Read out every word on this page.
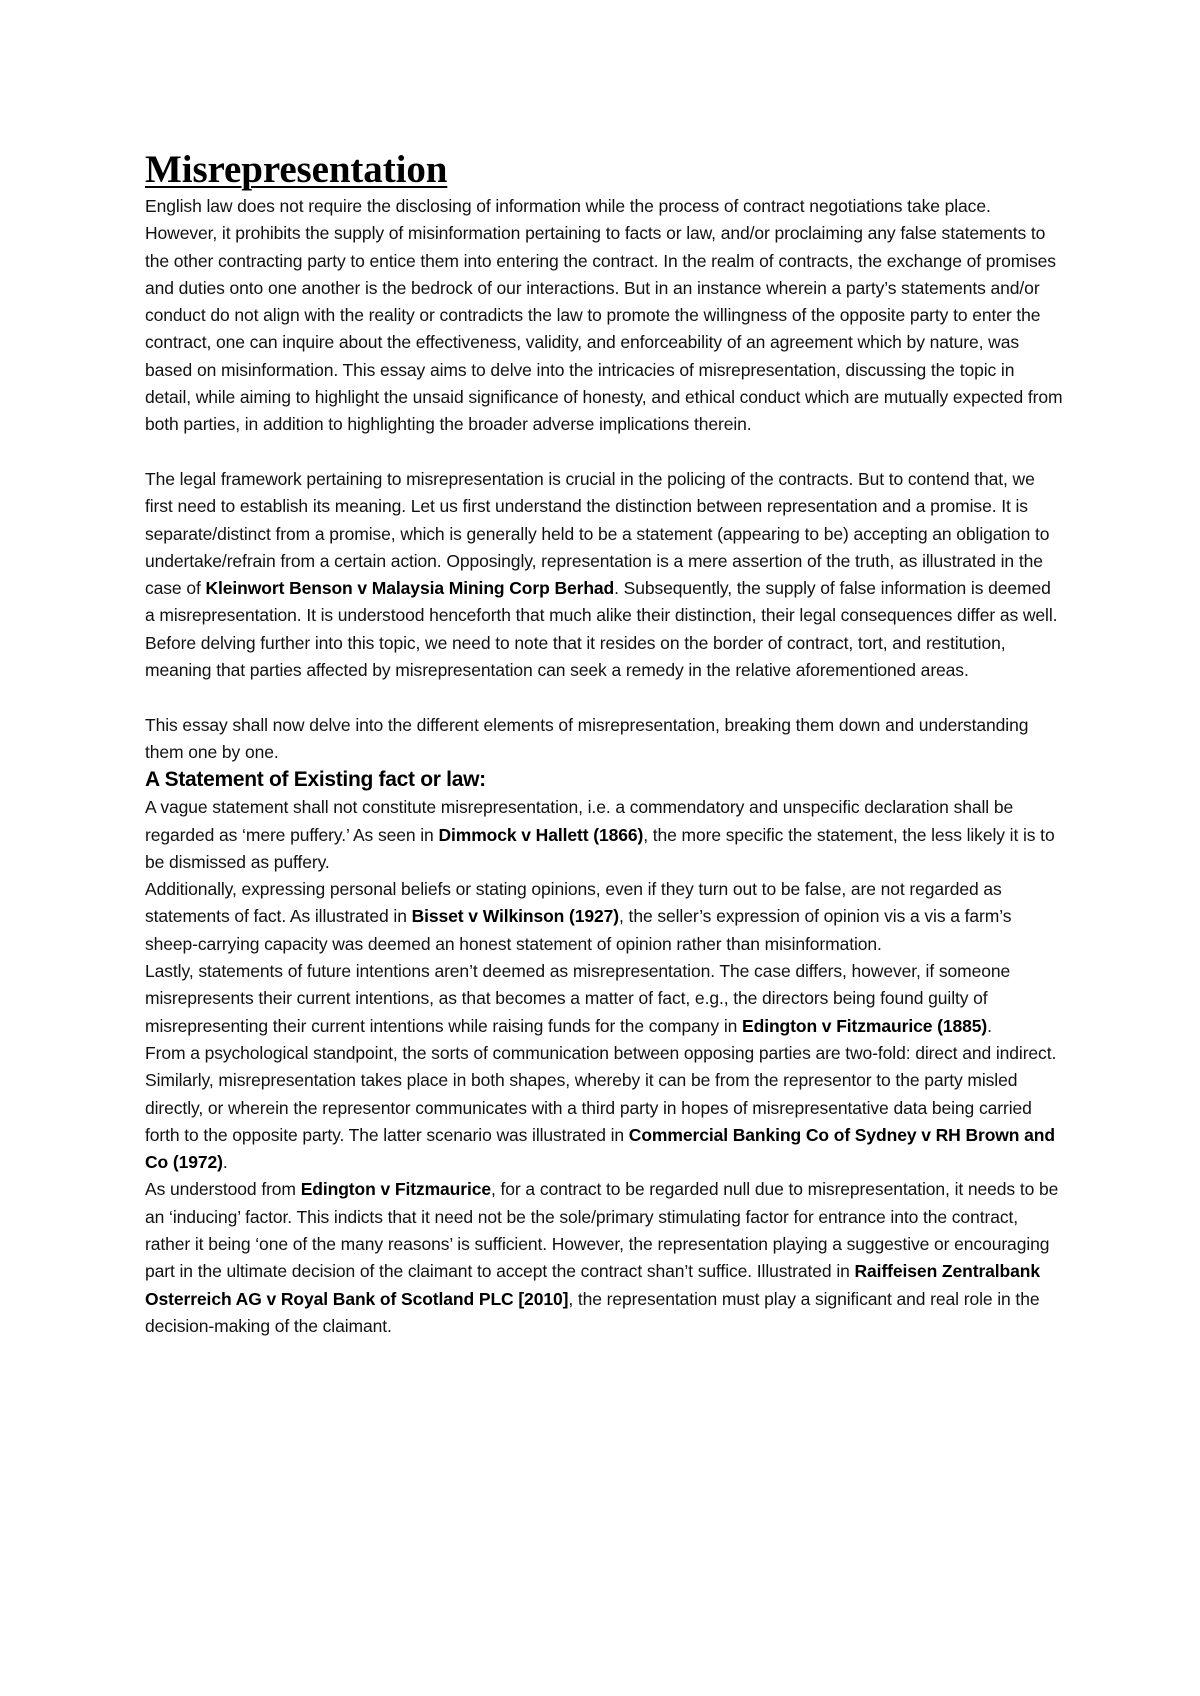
Misrepresentation

English law does not require the disclosing of information while the process of contract negotiations take place. However, it prohibits the supply of misinformation pertaining to facts or law, and/or proclaiming any false statements to the other contracting party to entice them into entering the contract. In the realm of contracts, the exchange of promises and duties onto one another is the bedrock of our interactions. But in an instance wherein a party’s statements and/or conduct do not align with the reality or contradicts the law to promote the willingness of the opposite party to enter the contract, one can inquire about the effectiveness, validity, and enforceability of an agreement which by nature, was based on misinformation. This essay aims to delve into the intricacies of misrepresentation, discussing the topic in detail, while aiming to highlight the unsaid significance of honesty, and ethical conduct which are mutually expected from both parties, in addition to highlighting the broader adverse implications therein.

The legal framework pertaining to misrepresentation is crucial in the policing of the contracts. But to contend that, we first need to establish its meaning. Let us first understand the distinction between representation and a promise. It is separate/distinct from a promise, which is generally held to be a statement (appearing to be) accepting an obligation to undertake/refrain from a certain action. Opposingly, representation is a mere assertion of the truth, as illustrated in the case of Kleinwort Benson v Malaysia Mining Corp Berhad. Subsequently, the supply of false information is deemed a misrepresentation. It is understood henceforth that much alike their distinction, their legal consequences differ as well. Before delving further into this topic, we need to note that it resides on the border of contract, tort, and restitution, meaning that parties affected by misrepresentation can seek a remedy in the relative aforementioned areas.

This essay shall now delve into the different elements of misrepresentation, breaking them down and understanding them one by one.

A Statement of Existing fact or law:

A vague statement shall not constitute misrepresentation, i.e. a commendatory and unspecific declaration shall be regarded as ‘mere puffery.’ As seen in Dimmock v Hallett (1866), the more specific the statement, the less likely it is to be dismissed as puffery.

Additionally, expressing personal beliefs or stating opinions, even if they turn out to be false, are not regarded as statements of fact. As illustrated in Bisset v Wilkinson (1927), the seller’s expression of opinion vis a vis a farm’s sheep-carrying capacity was deemed an honest statement of opinion rather than misinformation.

Lastly, statements of future intentions aren’t deemed as misrepresentation. The case differs, however, if someone misrepresents their current intentions, as that becomes a matter of fact, e.g., the directors being found guilty of misrepresenting their current intentions while raising funds for the company in Edington v Fitzmaurice (1885).

From a psychological standpoint, the sorts of communication between opposing parties are two-fold: direct and indirect. Similarly, misrepresentation takes place in both shapes, whereby it can be from the representor to the party misled directly, or wherein the representor communicates with a third party in hopes of misrepresentative data being carried forth to the opposite party. The latter scenario was illustrated in Commercial Banking Co of Sydney v RH Brown and Co (1972).

As understood from Edington v Fitzmaurice, for a contract to be regarded null due to misrepresentation, it needs to be an ‘inducing’ factor. This indicts that it need not be the sole/primary stimulating factor for entrance into the contract, rather it being ‘one of the many reasons’ is sufficient. However, the representation playing a suggestive or encouraging part in the ultimate decision of the claimant to accept the contract shan’t suffice. Illustrated in Raiffeisen Zentralbank Osterreich AG v Royal Bank of Scotland PLC [2010], the representation must play a significant and real role in the decision-making of the claimant.
